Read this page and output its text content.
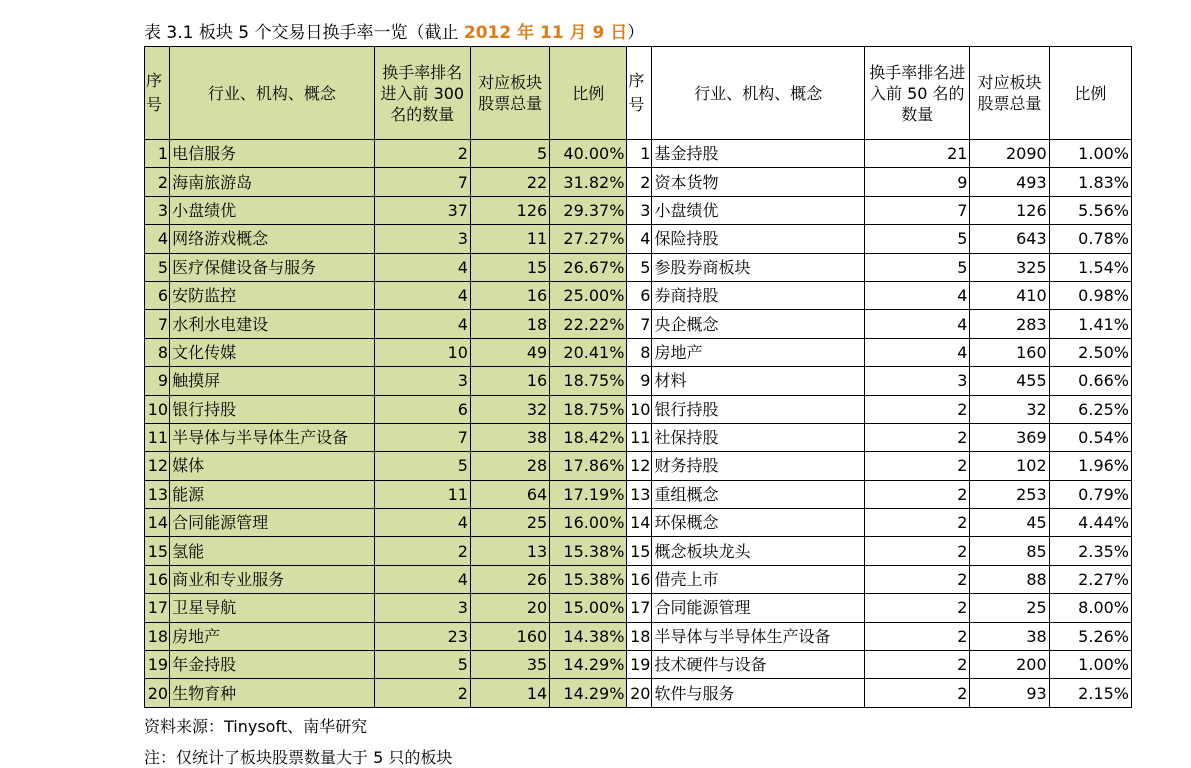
表 3.1 板块 5 个交易日换手率一览（截止 2012 年 11 月 9 日）
序号	行业、机构、概念	换手率排名进入前 300 名的数量	对应板块股票总量	比例	序号	行业、机构、概念	换手率排名进入前 50 名的数量	对应板块股票总量	比例
1	电信服务	2	5	40.00%	1	基金持股	21	2090	1.00%
2	海南旅游岛	7	22	31.82%	2	资本货物	9	493	1.83%
3	小盘绩优	37	126	29.37%	3	小盘绩优	7	126	5.56%
4	网络游戏概念	3	11	27.27%	4	保险持股	5	643	0.78%
5	医疗保健设备与服务	4	15	26.67%	5	参股券商板块	5	325	1.54%
6	安防监控	4	16	25.00%	6	券商持股	4	410	0.98%
7	水利水电建设	4	18	22.22%	7	央企概念	4	283	1.41%
8	文化传媒	10	49	20.41%	8	房地产	4	160	2.50%
9	触摸屏	3	16	18.75%	9	材料	3	455	0.66%
10	银行持股	6	32	18.75%	10	银行持股	2	32	6.25%
11	半导体与半导体生产设备	7	38	18.42%	11	社保持股	2	369	0.54%
12	媒体	5	28	17.86%	12	财务持股	2	102	1.96%
13	能源	11	64	17.19%	13	重组概念	2	253	0.79%
14	合同能源管理	4	25	16.00%	14	环保概念	2	45	4.44%
15	氢能	2	13	15.38%	15	概念板块龙头	2	85	2.35%
16	商业和专业服务	4	26	15.38%	16	借壳上市	2	88	2.27%
17	卫星导航	3	20	15.00%	17	合同能源管理	2	25	8.00%
18	房地产	23	160	14.38%	18	半导体与半导体生产设备	2	38	5.26%
19	年金持股	5	35	14.29%	19	技术硬件与设备	2	200	1.00%
20	生物育种	2	14	14.29%	20	软件与服务	2	93	2.15%
资料来源：Tinysoft、南华研究
注：仅统计了板块股票数量大于 5 只的板块
